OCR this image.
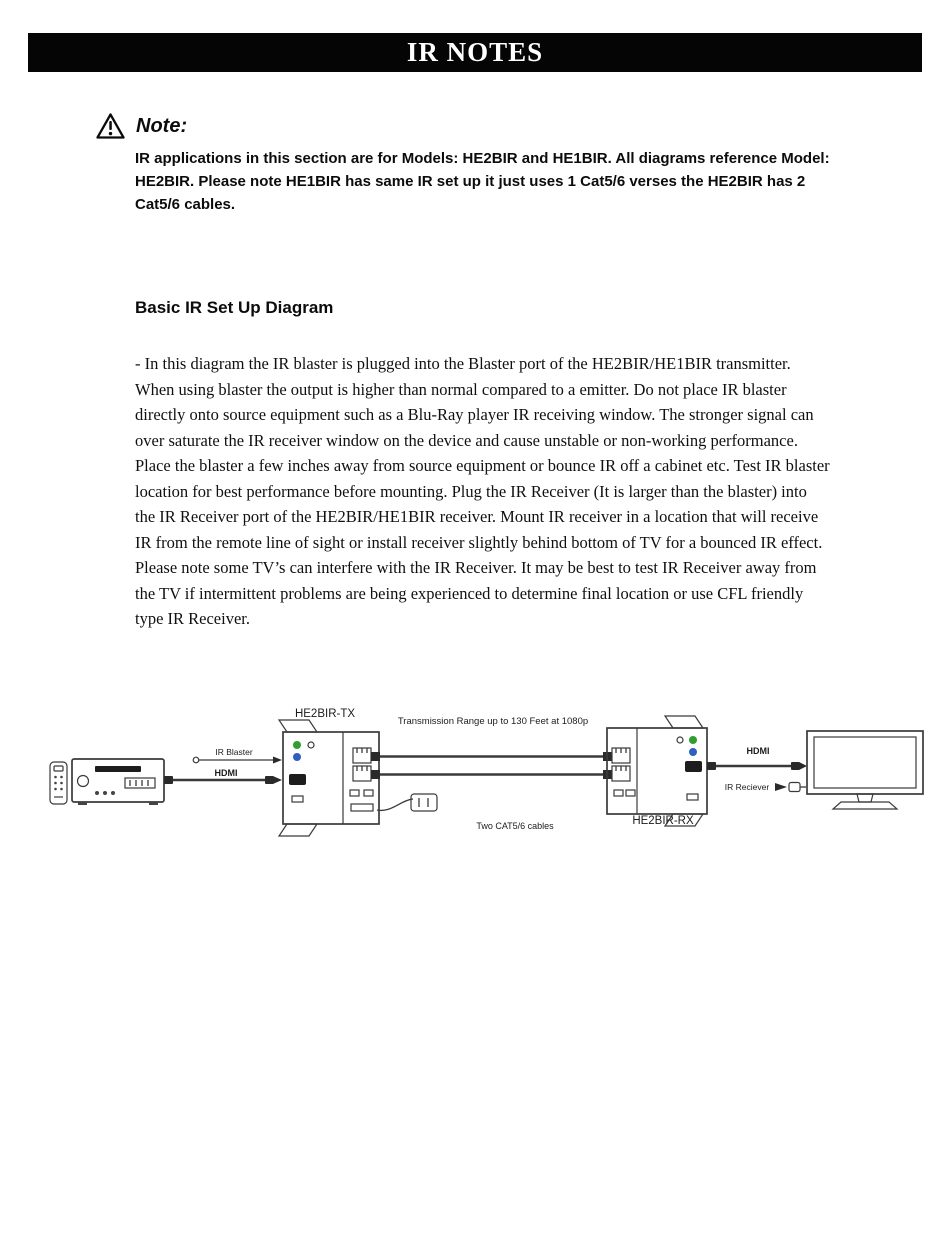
IR NOTES
Note:

IR applications in this section are for Models: HE2BIR and HE1BIR. All diagrams reference Model: HE2BIR. Please note HE1BIR has same IR set up it just uses 1 Cat5/6 verses the HE2BIR has 2 Cat5/6 cables.

Basic IR Set Up Diagram

- In this diagram the IR blaster is plugged into the Blaster port of the HE2BIR/HE1BIR transmitter. When using blaster the output is higher than normal compared to a emitter. Do not place IR blaster directly onto source equipment such as a Blu-Ray player IR receiving window. The stronger signal can over saturate the IR receiver window on the device and cause unstable or non-working performance. Place the blaster a few inches away from source equipment or bounce IR off a cabinet etc. Test IR blaster location for best performance before mounting. Plug the IR Receiver (It is larger than the blaster) into the IR Receiver port of the HE2BIR/HE1BIR receiver. Mount IR receiver in a location that will receive IR from the remote line of sight or install receiver slightly behind bottom of TV for a bounced IR effect. Please note some TV’s can interfere with the IR Receiver. It may be best to test IR Receiver away from the TV if intermittent problems are being experienced to determine final location or use CFL friendly type IR Receiver.

HE2BIR-TX
Transmission Range up to 130 Feet at 1080p
IR Blaster
HDMI
Two CAT5/6 cables	HE2BIR-RX
HDMI
IR Reciever
